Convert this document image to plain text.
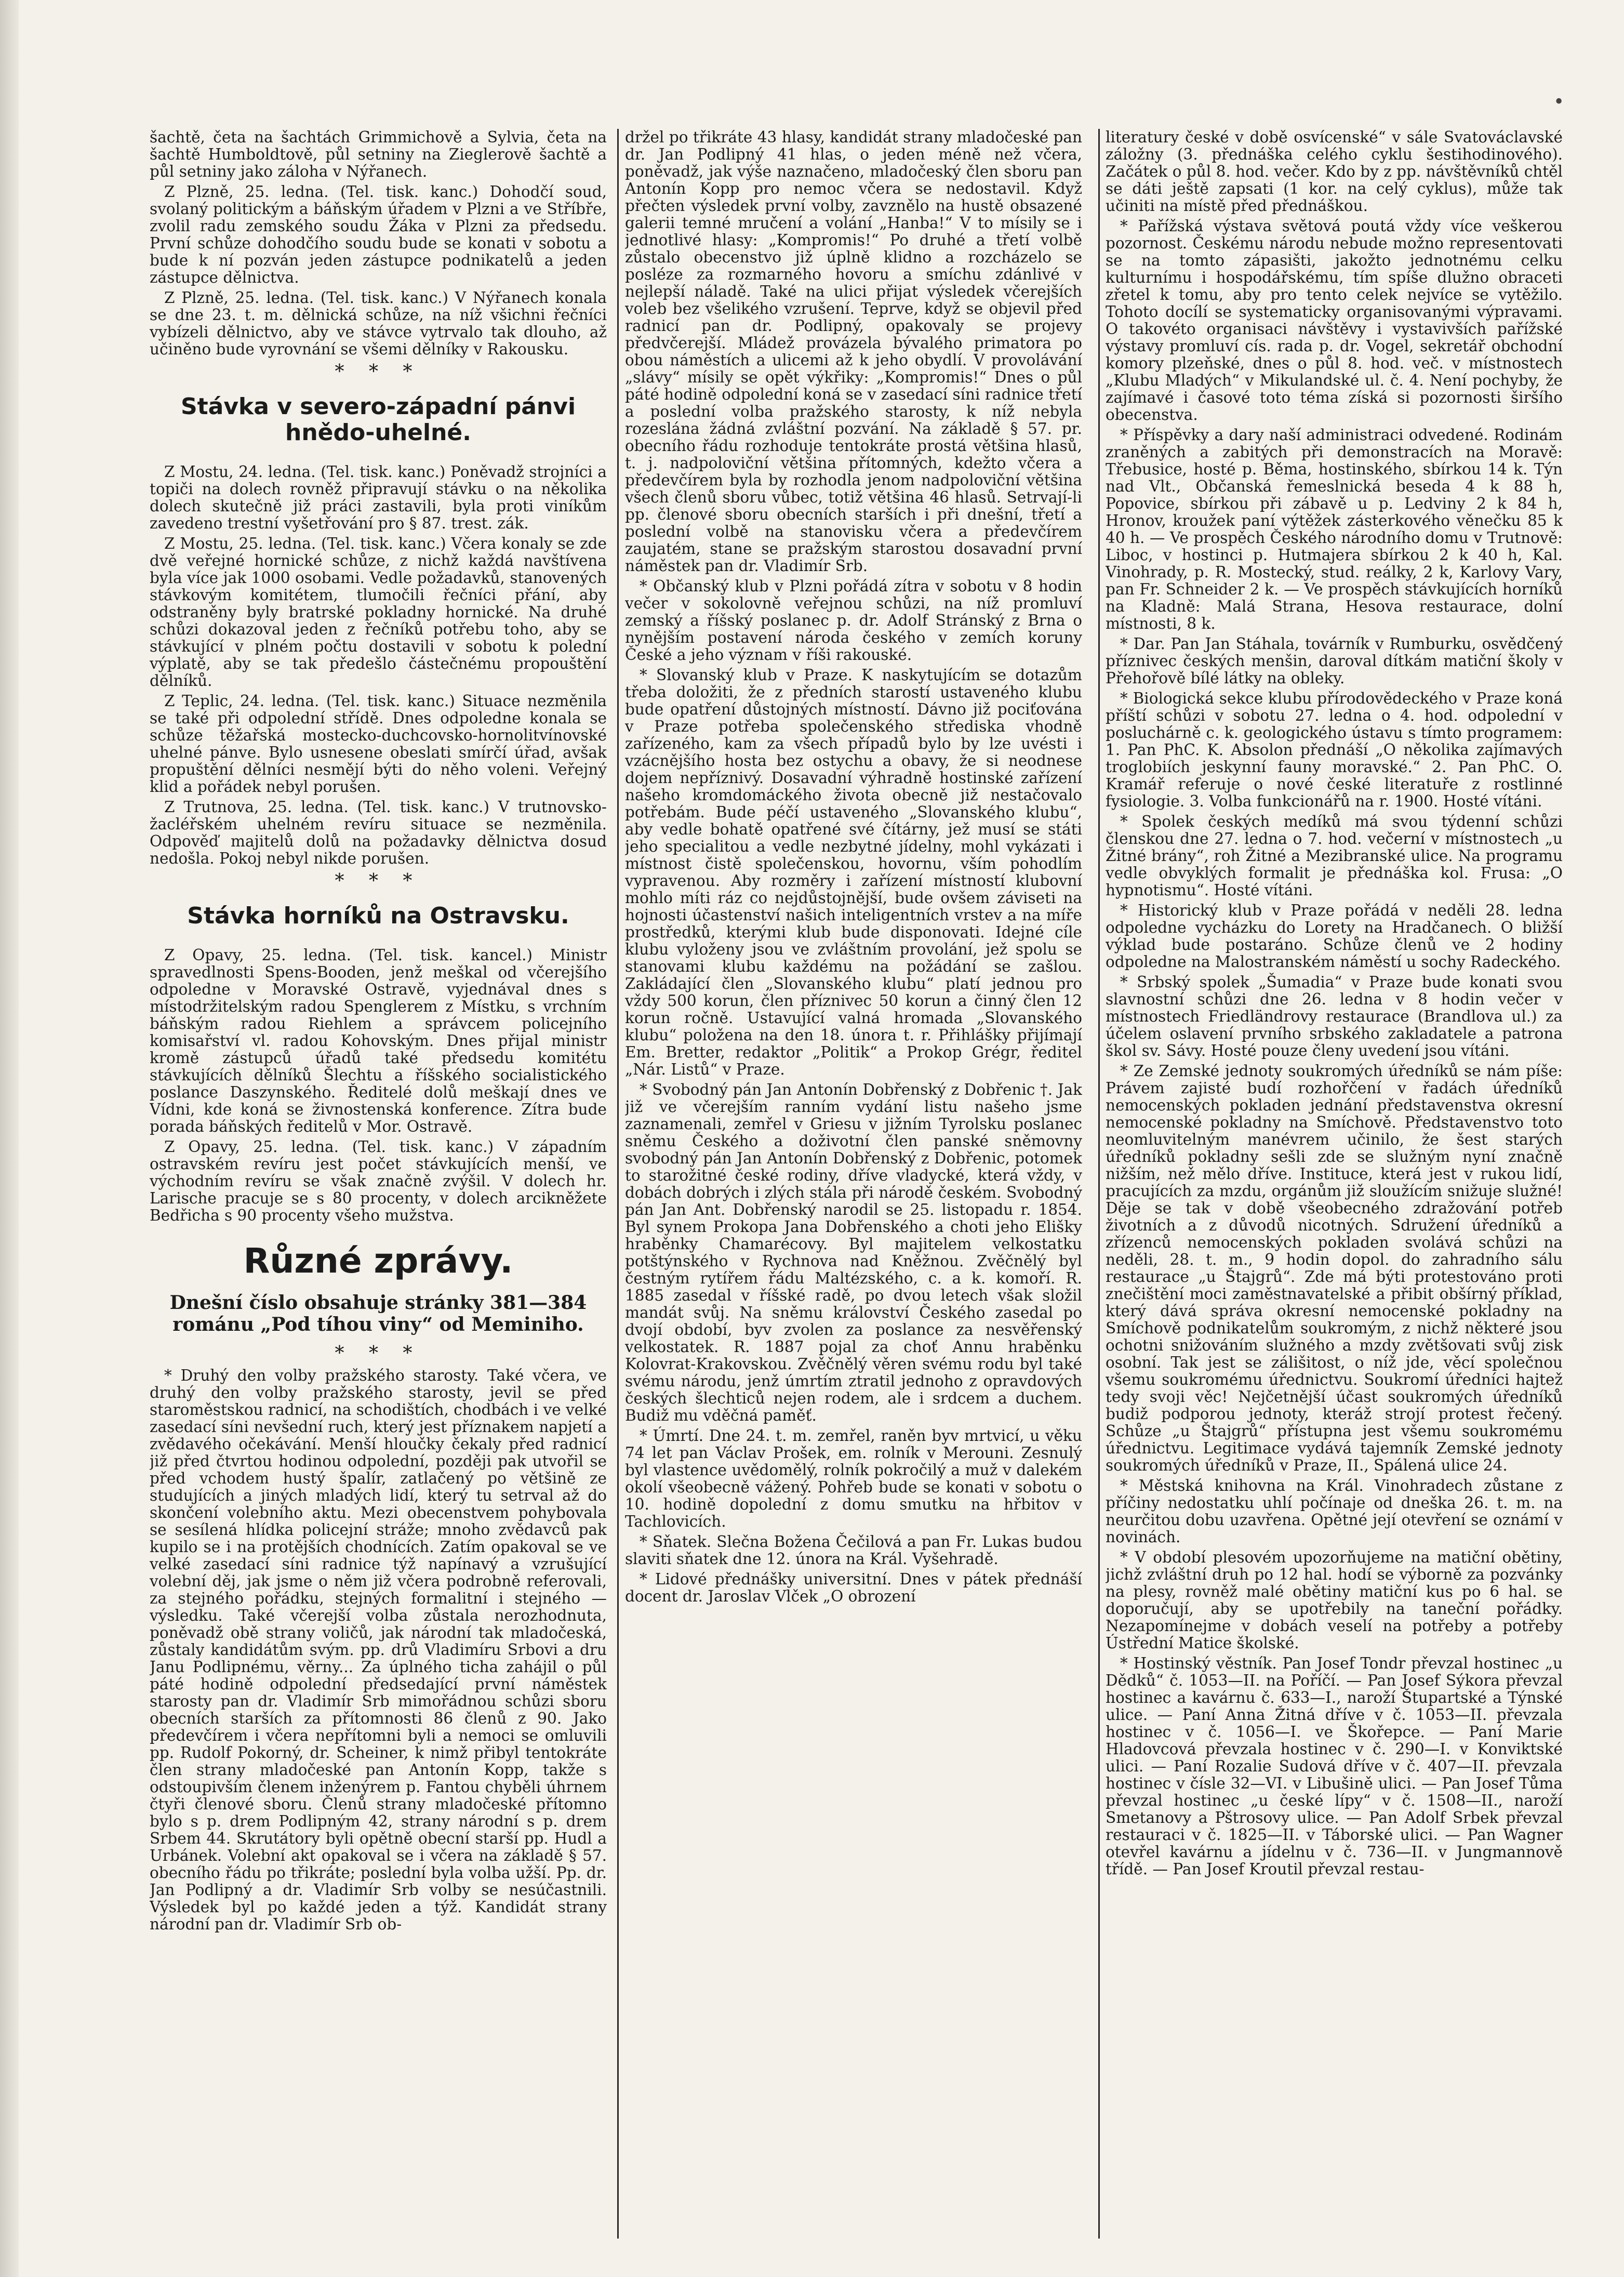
•

šachtě, četa na šachtách Grimmichově a Sylvia, četa na šachtě Humboldtově, půl setniny na Zieglerově šachtě a půl setniny jako záloha v Nýřanech.

Z Plzně, 25. ledna. (Tel. tisk. kanc.) Dohodčí soud, svolaný politickým a báňským úřadem v Plzni a ve Stříbře, zvolil radu zemského soudu Žáka v Plzni za předsedu. První schůze dohodčího soudu bude se konati v sobotu a bude k ní pozván jeden zástupce podnikatelů a jeden zástupce dělnictva.

Z Plzně, 25. ledna. (Tel. tisk. kanc.) V Nýřanech konala se dne 23. t. m. dělnická schůze, na níž všichni řečníci vybízeli dělnictvo, aby ve stávce vytrvalo tak dlouho, až učiněno bude vyrovnání se všemi dělníky v Rakousku.

* * *
Stávka v severo-západní pánvi hnědo-uhelné.

Z Mostu, 24. ledna. (Tel. tisk. kanc.) Poněvadž strojníci a topiči na dolech rovněž připravují stávku o na několika dolech skutečně již práci zastavili, byla proti viníkům zavedeno trestní vyšetřování pro § 87. trest. zák.

Z Mostu, 25. ledna. (Tel. tisk. kanc.) Včera konaly se zde dvě veřejné hornické schůze, z nichž každá navštívena byla více jak 1000 osobami. Vedle požadavků, stanovených stávkovým komitétem, tlumočili řečníci přání, aby odstraněny byly bratrské pokladny hornické. Na druhé schůzi dokazoval jeden z řečníků potřebu toho, aby se stávkující v plném počtu dostavili v sobotu k polední výplatě, aby se tak předešlo částečnému propouštění dělníků.

Z Teplic, 24. ledna. (Tel. tisk. kanc.) Situace nezměnila se také při odpolední střídě. Dnes odpoledne konala se schůze těžařská mostecko-duchcovsko-hornolitvínovské uhelné pánve. Bylo usnesene obeslati smírčí úřad, avšak propuštění dělníci nesmějí býti do něho voleni. Veřejný klid a pořádek nebyl porušen.

Z Trutnova, 25. ledna. (Tel. tisk. kanc.) V trutnovsko-žacléřském uhelném revíru situace se nezměnila. Odpověď majitelů dolů na požadavky dělnictva dosud nedošla. Pokoj nebyl nikde porušen.

* * *
Stávka horníků na Ostravsku.

Z Opavy, 25. ledna. (Tel. tisk. kancel.) Ministr spravedlnosti Spens-Booden, jenž meškal od včerejšího odpoledne v Moravské Ostravě, vyjednával dnes s místodržitelským radou Spenglerem z Místku, s vrchním báňským radou Riehlem a správcem policejního komisařství vl. radou Kohovským. Dnes přijal ministr kromě zástupců úřadů také předsedu komitétu stávkujících dělníků Šlechtu a říšského socialistického poslance Daszynského. Ředitelé dolů meškají dnes ve Vídni, kde koná se živnostenská konference. Zítra bude porada báňských ředitelů v Mor. Ostravě.

Z Opavy, 25. ledna. (Tel. tisk. kanc.) V západním ostravském revíru jest počet stávkujících menší, ve východním revíru se však značně zvýšil. V dolech hr. Larische pracuje se s 80 procenty, v dolech arcikněžete Bedřicha s 90 procenty všeho mužstva.

Různé zprávy.
Dnešní číslo obsahuje stránky 381—384 románu „Pod tíhou viny“ od Meminiho.
* * *

* Druhý den volby pražského starosty. Také včera, ve druhý den volby pražského starosty, jevil se před staroměstskou radnicí, na schodištích, chodbách i ve velké zasedací síni nevšední ruch, který jest příznakem napjetí a zvědavého očekávání. Menší hloučky čekaly před radnicí již před čtvrtou hodinou odpolední, později pak utvořil se před vchodem hustý špalír, zatlačený po většině ze studujících a jiných mladých lidí, který tu setrval až do skončení volebního aktu. Mezi obecenstvem pohybovala se sesílená hlídka policejní stráže; mnoho zvědavců pak kupilo se i na protějších chodnících. Zatím opakoval se ve velké zasedací síni radnice týž napínavý a vzrušující volební děj, jak jsme o něm již včera podrobně referovali, za stejného pořádku, stejných formalitní i stejného — výsledku. Také včerejší volba zůstala nerozhodnuta, poněvadž obě strany voličů, jak národní tak mladočeská, zůstaly kandidátům svým. pp. drů Vladimíru Srbovi a dru Janu Podlipnému, věrny... Za úplného ticha zahájil o půl páté hodině odpolední předsedající první náměstek starosty pan dr. Vladimír Srb mimořádnou schůzi sboru obecních starších za přítomnosti 86 členů z 90. Jako předevčírem i včera nepřítomni byli a nemoci se omluvili pp. Rudolf Pokorný, dr. Scheiner, k nimž přibyl tentokráte člen strany mladočeské pan Antonín Kopp, takže s odstoupivším členem inženýrem p. Fantou chyběli úhrnem čtyři členové sboru. Členů strany mladočeské přítomno bylo s p. drem Podlipným 42, strany národní s p. drem Srbem 44. Skrutátory byli opětně obecní starší pp. Hudl a Urbánek. Volební akt opakoval se i včera na základě § 57. obecního řádu po třikráte; poslední byla volba užší. Pp. dr. Jan Podlipný a dr. Vladimír Srb volby se nesúčastnili. Výsledek byl po každé jeden a týž. Kandidát strany národní pan dr. Vladimír Srb ob-

držel po třikráte 43 hlasy, kandidát strany mladočeské pan dr. Jan Podlipný 41 hlas, o jeden méně než včera, poněvadž, jak výše naznačeno, mladočeský člen sboru pan Antonín Kopp pro nemoc včera se nedostavil. Když přečten výsledek první volby, zavznělo na hustě obsazené galerii temné mručení a volání „Hanba!“ V to mísily se i jednotlivé hlasy: „Kompromis!“ Po druhé a třetí volbě zůstalo obecenstvo již úplně klidno a rozcházelo se posléze za rozmarného hovoru a smíchu zdánlivé v nejlepší náladě. Také na ulici přijat výsledek včerejších voleb bez všelikého vzrušení. Teprve, když se objevil před radnicí pan dr. Podlipný, opakovaly se projevy předvčerejší. Mládež provázela bývalého primatora po obou náměstích a ulicemi až k jeho obydlí. V provolávání „slávy“ mísily se opět výkřiky: „Kompromis!“ Dnes o půl páté hodině odpolední koná se v zasedací síni radnice třetí a poslední volba pražského starosty, k níž nebyla rozeslána žádná zvláštní pozvání. Na základě § 57. pr. obecního řádu rozhoduje tentokráte prostá většina hlasů, t. j. nadpoloviční většina přítomných, kdežto včera a předevčírem byla by rozhodla jenom nadpoloviční většina všech členů sboru vůbec, totiž většina 46 hlasů. Setrvají-li pp. členové sboru obecních starších i při dnešní, třetí a poslední volbě na stanovisku včera a předevčírem zaujatém, stane se pražským starostou dosavadní první náměstek pan dr. Vladimír Srb.

* Občanský klub v Plzni pořádá zítra v sobotu v 8 hodin večer v sokolovně veřejnou schůzi, na níž promluví zemský a říšský poslanec p. dr. Adolf Stránský z Brna o nynějším postavení národa českého v zemích koruny České a jeho význam v říši rakouské.

* Slovanský klub v Praze. K naskytujícím se dotazům třeba doložiti, že z předních starostí ustaveného klubu bude opatření důstojných místností. Dávno již pociťována v Praze potřeba společenského střediska vhodně zařízeného, kam za všech případů bylo by lze uvésti i vzácnějšího hosta bez ostychu a obavy, že si neodnese dojem nepříznivý. Dosavadní výhradně hostinské zařízení našeho kromdomáckého života obecně již nestačovalo potřebám. Bude péčí ustaveného „Slovanského klubu“, aby vedle bohatě opatřené své čítárny, jež musí se státi jeho specialitou a vedle nezbytné jídelny, mohl vykázati i místnost čistě společenskou, hovornu, vším pohodlím vypravenou. Aby rozměry i zařízení místností klubovní mohlo míti ráz co nejdůstojnější, bude ovšem záviseti na hojnosti účastenství našich inteligentních vrstev a na míře prostředků, kterými klub bude disponovati. Idejné cíle klubu vyloženy jsou ve zvláštním provolání, jež spolu se stanovami klubu každému na požádání se zašlou. Zakládající člen „Slovanského klubu“ platí jednou pro vždy 500 korun, člen přízniveс 50 korun a činný člen 12 korun ročně. Ustavující valná hromada „Slovanského klubu“ položena na den 18. února t. r. Přihlášky přijímají Em. Bretter, redaktor „Politik“ a Prokop Grégr, ředitel „Nár. Listů“ v Praze.

* Svobodný pán Jan Antonín Dobřenský z Dobřenic †. Jak již ve včerejším ranním vydání listu našeho jsme zaznamenali, zemřel v Griesu v jižním Tyrolsku poslanec sněmu Českého a doživotní člen panské sněmovny svobodný pán Jan Antonín Dobřenský z Dobřenic, potomek to starožitné české rodiny, dříve vladycké, která vždy, v dobách dobrých i zlých stála při národě českém. Svobodný pán Jan Ant. Dobřenský narodil se 25. listopadu r. 1854. Byl synem Prokopa Jana Dobřenského a choti jeho Elišky hraběnky Chamarécovy. Byl majitelem velkostatku potštýnského v Rychnova nad Kněžnou. Zvěčnělý byl čestným rytířem řádu Maltézského, c. a k. komoří. R. 1885 zasedal v říšské radě, po dvou letech však složil mandát svůj. Na sněmu království Českého zasedal po dvojí období, byv zvolen za poslance za nesvěřenský velkostatek. R. 1887 pojal za choť Annu hraběnku Kolovrat-Krakovskou. Zvěčnělý věren svému rodu byl také svému národu, jenž úmrtím ztratil jednoho z opravdových českých šlechticů nejen rodem, ale i srdcem a duchem. Budiž mu vděčná paměť.

* Úmrtí. Dne 24. t. m. zemřel, raněn byv mrtvicí, u věku 74 let pan Václav Prošek, em. rolník v Merouni. Zesnulý byl vlastence uvědomělý, rolník pokročilý a muž v dalekém okolí všeobecně vážený. Pohřeb bude se konati v sobotu o 10. hodině dopolední z domu smutku na hřbitov v Tachlovicích.

* Sňatek. Slečna Božena Čečilová a pan Fr. Lukas budou slaviti sňatek dne 12. února na Král. Vyšehradě.

* Lidové přednášky universitní. Dnes v pátek přednáší docent dr. Jaroslav Vlček „O obrození

literatury české v době osvícenské“ v sále Svatováclavské záložny (3. přednáška celého cyklu šestihodinového). Začátek o půl 8. hod. večer. Kdo by z pp. návštěvníků chtěl se dáti ještě zapsati (1 kor. na celý cyklus), může tak učiniti na místě před přednáškou.

* Pařížská výstava světová poutá vždy více veškerou pozornost. Českému národu nebude možno representovati se na tomto zápasišti, jakožto jednotnému celku kulturnímu i hospodářskému, tím spíše dlužno obraceti zřetel k tomu, aby pro tento celek nejvíce se vytěžilo. Tohoto docílí se systematicky organisovanými výpravami. O takovéto organisaci návštěvy i vystavivších pařížské výstavy promluví cís. rada p. dr. Vogel, sekretář obchodní komory plzeňské, dnes o půl 8. hod. več. v místnostech „Klubu Mladých“ v Mikulandské ul. č. 4. Není pochyby, že zajímavé i časové toto téma získá si pozornosti širšího obecenstva.

* Příspěvky a dary naší administraci odvedené. Rodinám zraněných a zabitých při demonstracích na Moravě: Třebusice, hosté p. Běma, hostinského, sbírkou 14 k. Týn nad Vlt., Občanská řemeslnická beseda 4 k 88 h, Popovice, sbírkou při zábavě u p. Ledviny 2 k 84 h, Hronov, kroužek paní výtěžek zásterkového věnečku 85 k 40 h. — Ve prospěch Českého národního domu v Trutnově: Liboc, v hostinci p. Hutmajera sbírkou 2 k 40 h, Kal. Vinohrady, p. R. Mostecký, stud. reálky, 2 k, Karlovy Vary, pan Fr. Schneider 2 k. — Ve prospěch stávkujících horníků na Kladně: Malá Strana, Hesova restaurace, dolní místnosti, 8 k.

* Dar. Pan Jan Stáhala, továrník v Rumburku, osvědčený příznivec českých menšin, daroval dítkám matiční školy v Přehořově bílé látky na obleky.

* Biologická sekce klubu přírodovědeckého v Praze koná příští schůzi v sobotu 27. ledna o 4. hod. odpolední v posluchárně c. k. geologického ústavu s tímto programem: 1. Pan PhC. K. Absolon přednáší „O několika zajímavých troglobiích jeskynní fauny moravské.“ 2. Pan PhC. O. Kramář referuje o nové české literatuře z rostlinné fysiologie. 3. Volba funkcionářů na r. 1900. Hosté vítáni.

* Spolek českých medíků má svou týdenní schůzi členskou dne 27. ledna o 7. hod. večerní v místnostech „u Žitné brány“, roh Žitné a Mezibranské ulice. Na programu vedle obvyklých formalit je přednáška kol. Frusa: „O hypnotismu“. Hosté vítáni.

* Historický klub v Praze pořádá v neděli 28. ledna odpoledne vycházku do Lorety na Hradčanech. O bližší výklad bude postaráno. Schůze členů ve 2 hodiny odpoledne na Malostranském náměstí u sochy Radeckého.

* Srbský spolek „Šumadia“ v Praze bude konati svou slavnostní schůzi dne 26. ledna v 8 hodin večer v místnostech Friedländrovy restaurace (Brandlova ul.) za účelem oslavení prvního srbského zakladatele a patrona škol sv. Sávy. Hosté pouze členy uvedení jsou vítáni.

* Ze Zemské jednoty soukromých úředníků se nám píše: Právem zajisté budí rozhořčení v řadách úředníků nemocenských pokladen jednání představenstva okresní nemocenské pokladny na Smíchově. Představenstvo toto neomluvitelným manévrem učinilo, že šest starých úředníků pokladny sešli zde se služným nyní značně nižším, než mělo dříve. Instituce, která jest v rukou lidí, pracujících za mzdu, orgánům již sloužícím snižuje služné! Děje se tak v době všeobecného zdražování potřeb životních a z důvodů nicotných. Sdružení úředníků a zřízenců nemocenských pokladen svolává schůzi na neděli, 28. t. m., 9 hodin dopol. do zahradního sálu restaurace „u Štajgrů“. Zde má býti protestováno proti znečištění moci zaměstnavatelské a přibit obšírný příklad, který dává správa okresní nemocenské pokladny na Smíchově podnikatelům soukromým, z nichž některé jsou ochotni snižováním služného a mzdy zvětšovati svůj zisk osobní. Tak jest se zálišitost, o níž jde, věcí společnou všemu soukromému úřednictvu. Soukromí úředníci hajtež tedy svoji věc! Nejčetnější účast soukromých úředníků budiž podporou jednoty, kteráž strojí protest řečený. Schůze „u Štajgrů“ přístupna jest všemu soukromému úřednictvu. Legitimace vydává tajemník Zemské jednoty soukromých úředníků v Praze, II., Spálená ulice 24.

* Městská knihovna na Král. Vinohradech zůstane z příčiny nedostatku uhlí počínaje od dneška 26. t. m. na neurčitou dobu uzavřena. Opětné její otevření se oznámí v novinách.

* V období plesovém upozorňujeme na matiční obětiny, jichž zvláštní druh po 12 hal. hodí se výborně za pozvánky na plesy, rovněž malé obětiny matiční kus po 6 hal. se doporučují, aby se upotřebily na taneční pořádky. Nezapomínejme v dobách veselí na potřeby a potřeby Ústřední Matice školské.

* Hostinský věstník. Pan Josef Tondr převzal hostinec „u Dědků“ č. 1053—II. na Poříčí. — Pan Josef Sýkora převzal hostinec a kavárnu č. 633—I., naroží Štupartské a Týnské ulice. — Paní Anna Žitná dříve v č. 1053—II. převzala hostinec v č. 1056—I. ve Škořepce. — Paní Marie Hladovcová převzala hostinec v č. 290—I. v Konviktské ulici. — Paní Rozalie Sudová dříve v č. 407—II. převzala hostinec v čísle 32—VI. v Libušině ulici. — Pan Josef Tůma převzal hostinec „u české lípy“ v č. 1508—II., naroží Smetanovy a Pštrosovy ulice. — Pan Adolf Srbek převzal restauraci v č. 1825—II. v Táborské ulici. — Pan Wagner otevřel kavárnu a jídelnu v č. 736—II. v Jungmannově třídě. — Pan Josef Kroutil převzal restau-
